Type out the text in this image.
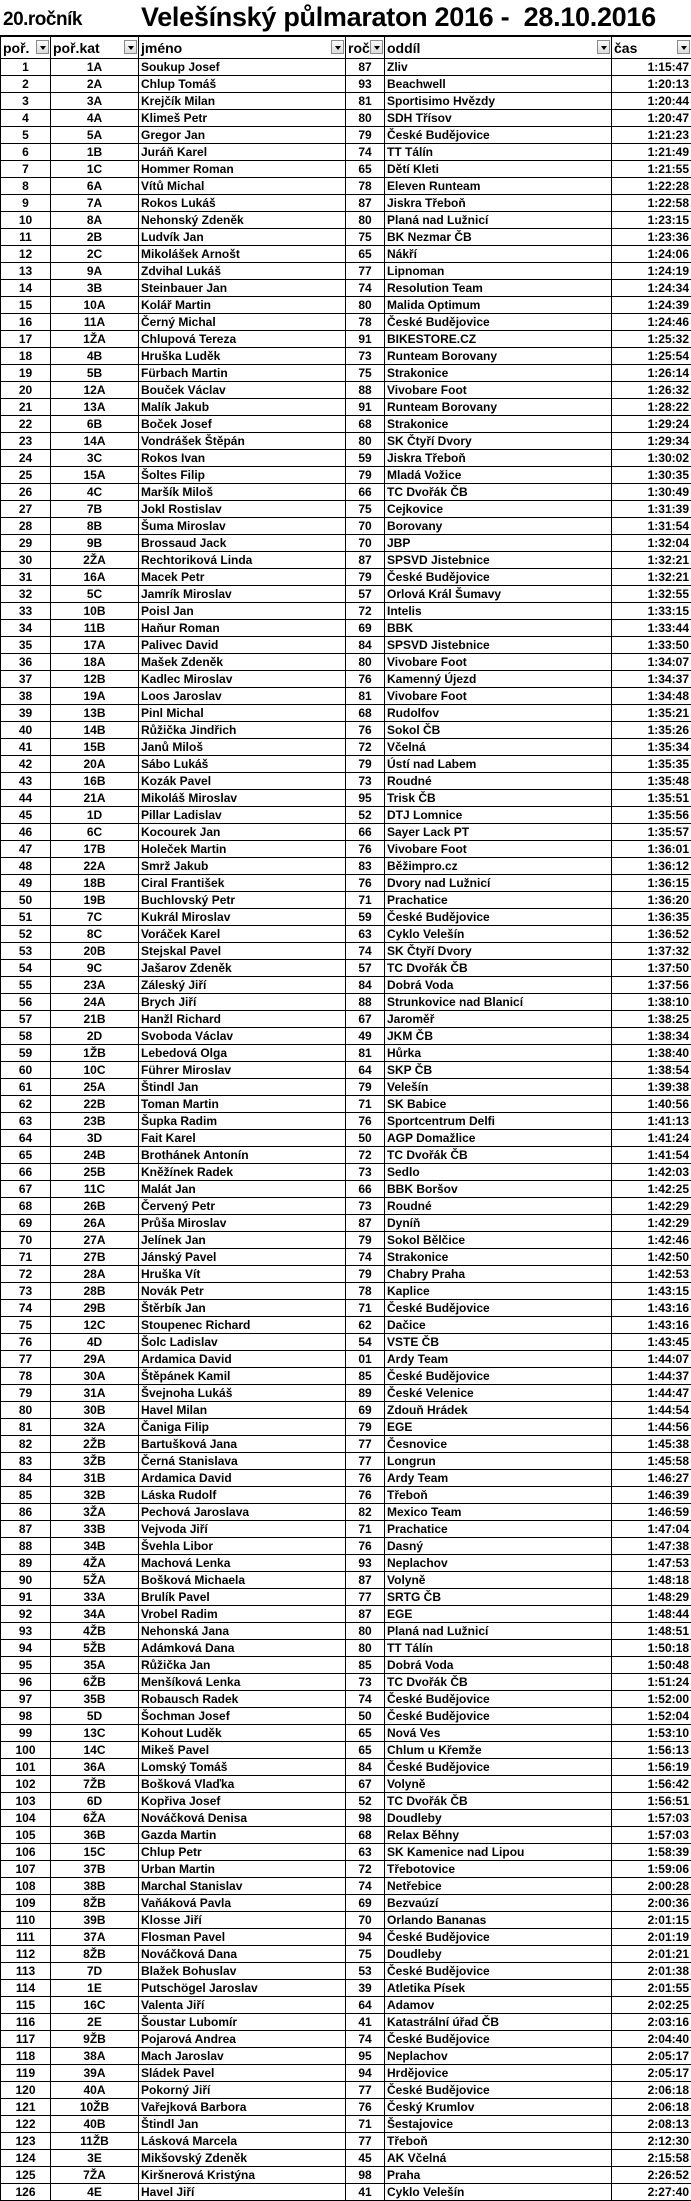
20.ročník Velešínský půlmaraton 2016 -  28.10.2016
poř.	poř.kat	jméno	roč	oddíl	čas

1	1A	Soukup Josef	87	Zliv	1:15:47
2	2A	Chlup Tomáš	93	Beachwell	1:20:13
3	3A	Krejčík Milan	81	Sportisimo Hvězdy	1:20:44
4	4A	Klimeš Petr	80	SDH Třísov	1:20:47
5	5A	Gregor Jan	79	České Budějovice	1:21:23
6	1B	Juráň Karel	74	TT Tálín	1:21:49
7	1C	Hommer Roman	65	Dětí Kleti	1:21:55
8	6A	Vítů Michal	78	Eleven Runteam	1:22:28
9	7A	Rokos Lukáš	87	Jiskra Třeboň	1:22:58
10	8A	Nehonský Zdeněk	80	Planá nad Lužnicí	1:23:15
11	2B	Ludvík Jan	75	BK Nezmar ČB	1:23:36
12	2C	Mikolášek Arnošt	65	Nákří	1:24:06
13	9A	Zdvihal Lukáš	77	Lipnoman	1:24:19
14	3B	Steinbauer Jan	74	Resolution Team	1:24:34
15	10A	Kolář Martin	80	Malida Optimum	1:24:39
16	11A	Černý Michal	78	České Budějovice	1:24:46
17	1ŽA	Chlupová Tereza	91	BIKESTORE.CZ	1:25:32
18	4B	Hruška Luděk	73	Runteam Borovany	1:25:54
19	5B	Fürbach Martin	75	Strakonice	1:26:14
20	12A	Bouček Václav	88	Vivobare Foot	1:26:32
21	13A	Malík Jakub	91	Runteam Borovany	1:28:22
22	6B	Boček Josef	68	Strakonice	1:29:24
23	14A	Vondrášek Štěpán	80	SK Čtyří Dvory	1:29:34
24	3C	Rokos Ivan	59	Jiskra Třeboň	1:30:02
25	15A	Šoltes Filip	79	Mladá Vožice	1:30:35
26	4C	Maršík Miloš	66	TC Dvořák ČB	1:30:49
27	7B	Jokl Rostislav	75	Cejkovice	1:31:39
28	8B	Šuma Miroslav	70	Borovany	1:31:54
29	9B	Brossaud Jack	70	JBP	1:32:04
30	2ŽA	Rechtoriková Linda	87	SPSVD Jistebnice	1:32:21
31	16A	Macek Petr	79	České Budějovice	1:32:21
32	5C	Jamrík Miroslav	57	Orlová Král Šumavy	1:32:55
33	10B	Poisl Jan	72	Intelis	1:33:15
34	11B	Haňur Roman	69	BBK	1:33:44
35	17A	Palivec David	84	SPSVD Jistebnice	1:33:50
36	18A	Mašek Zdeněk	80	Vivobare Foot	1:34:07
37	12B	Kadlec Miroslav	76	Kamenný Újezd	1:34:37
38	19A	Loos Jaroslav	81	Vivobare Foot	1:34:48
39	13B	Pinl Michal	68	Rudolfov	1:35:21
40	14B	Růžička Jindřich	76	Sokol ČB	1:35:26
41	15B	Janů Miloš	72	Včelná	1:35:34
42	20A	Sábo Lukáš	79	Ústí nad Labem	1:35:35
43	16B	Kozák Pavel	73	Roudné	1:35:48
44	21A	Mikoláš Miroslav	95	Trisk ČB	1:35:51
45	1D	Pillar Ladislav	52	DTJ Lomnice	1:35:56
46	6C	Kocourek Jan	66	Sayer Lack PT	1:35:57
47	17B	Holeček Martin	76	Vivobare Foot	1:36:01
48	22A	Smrž Jakub	83	Běžimpro.cz	1:36:12
49	18B	Ciral František	76	Dvory nad Lužnicí	1:36:15
50	19B	Buchlovský Petr	71	Prachatice	1:36:20
51	7C	Kukrál Miroslav	59	České Budějovice	1:36:35
52	8C	Voráček Karel	63	Cyklo Velešín	1:36:52
53	20B	Stejskal Pavel	74	SK Čtyří Dvory	1:37:32
54	9C	Jašarov Zdeněk	57	TC Dvořák ČB	1:37:50
55	23A	Záleský Jiří	84	Dobrá Voda	1:37:56
56	24A	Brych Jiří	88	Strunkovice nad Blanicí	1:38:10
57	21B	Hanžl Richard	67	Jaroměř	1:38:25
58	2D	Svoboda Václav	49	JKM ČB	1:38:34
59	1ŽB	Lebedová Olga	81	Hůrka	1:38:40
60	10C	Führer Miroslav	64	SKP ČB	1:38:54
61	25A	Štindl Jan	79	Velešín	1:39:38
62	22B	Toman Martin	71	SK Babice	1:40:56
63	23B	Šupka Radim	76	Sportcentrum Delfi	1:41:13
64	3D	Fait Karel	50	AGP Domažlice	1:41:24
65	24B	Brothánek Antonín	72	TC Dvořák ČB	1:41:54
66	25B	Kněžínek Radek	73	Sedlo	1:42:03
67	11C	Malát Jan	66	BBK Boršov	1:42:25
68	26B	Červený Petr	73	Roudné	1:42:29
69	26A	Průša Miroslav	87	Dyníň	1:42:29
70	27A	Jelínek Jan	79	Sokol Bělčice	1:42:46
71	27B	Jánský Pavel	74	Strakonice	1:42:50
72	28A	Hruška Vít	79	Chabry Praha	1:42:53
73	28B	Novák Petr	78	Kaplice	1:43:15
74	29B	Štěrbík Jan	71	České Budějovice	1:43:16
75	12C	Stoupenec Richard	62	Dačice	1:43:16
76	4D	Šolc Ladislav	54	VSTE ČB	1:43:45
77	29A	Ardamica David	01	Ardy Team	1:44:07
78	30A	Štěpánek Kamil	85	České Budějovice	1:44:37
79	31A	Švejnoha Lukáš	89	České Velenice	1:44:47
80	30B	Havel Milan	69	Zdouň Hrádek	1:44:54
81	32A	Čaniga Filip	79	EGE	1:44:56
82	2ŽB	Bartušková Jana	77	Česnovice	1:45:38
83	3ŽB	Černá Stanislava	77	Longrun	1:45:58
84	31B	Ardamica David	76	Ardy Team	1:46:27
85	32B	Láska Rudolf	76	Třeboň	1:46:39
86	3ŽA	Pechová Jaroslava	82	Mexico Team	1:46:59
87	33B	Vejvoda Jiří	71	Prachatice	1:47:04
88	34B	Švehla Libor	76	Dasný	1:47:38
89	4ŽA	Machová Lenka	93	Neplachov	1:47:53
90	5ŽA	Bošková Michaela	87	Volyně	1:48:18
91	33A	Brulík Pavel	77	SRTG ČB	1:48:29
92	34A	Vrobel Radim	87	EGE	1:48:44
93	4ŽB	Nehonská Jana	80	Planá nad Lužnicí	1:48:51
94	5ŽB	Adámková Dana	80	TT Tálín	1:50:18
95	35A	Růžička Jan	85	Dobrá Voda	1:50:48
96	6ŽB	Menšíková Lenka	73	TC Dvořák ČB	1:51:24
97	35B	Robausch Radek	74	České Budějovice	1:52:00
98	5D	Šochman Josef	50	České Budějovice	1:52:04
99	13C	Kohout Luděk	65	Nová Ves	1:53:10
100	14C	Mikeš Pavel	65	Chlum u Křemže	1:56:13
101	36A	Lomský Tomáš	84	České Budějovice	1:56:19
102	7ŽB	Bošková Vlaďka	67	Volyně	1:56:42
103	6D	Kopřiva Josef	52	TC Dvořák ČB	1:56:51
104	6ŽA	Nováčková Denisa	98	Doudleby	1:57:03
105	36B	Gazda Martin	68	Relax Běhny	1:57:03
106	15C	Chlup Petr	63	SK Kamenice nad Lipou	1:58:39
107	37B	Urban Martin	72	Třebotovice	1:59:06
108	38B	Marchal Stanislav	74	Netřebice	2:00:28
109	8ŽB	Vaňáková Pavla	69	Bezvaúzí	2:00:36
110	39B	Klosse Jiří	70	Orlando Bananas	2:01:15
111	37A	Flosman Pavel	94	České Budějovice	2:01:19
112	8ŽB	Nováčková Dana	75	Doudleby	2:01:21
113	7D	Blažek Bohuslav	53	České Budějovice	2:01:38
114	1E	Putschögel Jaroslav	39	Atletika Písek	2:01:55
115	16C	Valenta Jiří	64	Adamov	2:02:25
116	2E	Šoustar Lubomír	41	Katastrální úřad ČB	2:03:16
117	9ŽB	Pojarová Andrea	74	České Budějovice	2:04:40
118	38A	Mach Jaroslav	95	Neplachov	2:05:17
119	39A	Sládek Pavel	94	Hrdějovice	2:05:17
120	40A	Pokorný Jiří	77	České Budějovice	2:06:18
121	10ŽB	Vařejková Barbora	76	Český Krumlov	2:06:18
122	40B	Štindl Jan	71	Šestajovice	2:08:13
123	11ŽB	Lásková Marcela	77	Třeboň	2:12:30
124	3E	Mikšovský Zdeněk	45	AK Včelná	2:15:58
125	7ŽA	Kiršnerová Kristýna	98	Praha	2:26:52
126	4E	Havel Jiří	41	Cyklo Velešín	2:27:40
